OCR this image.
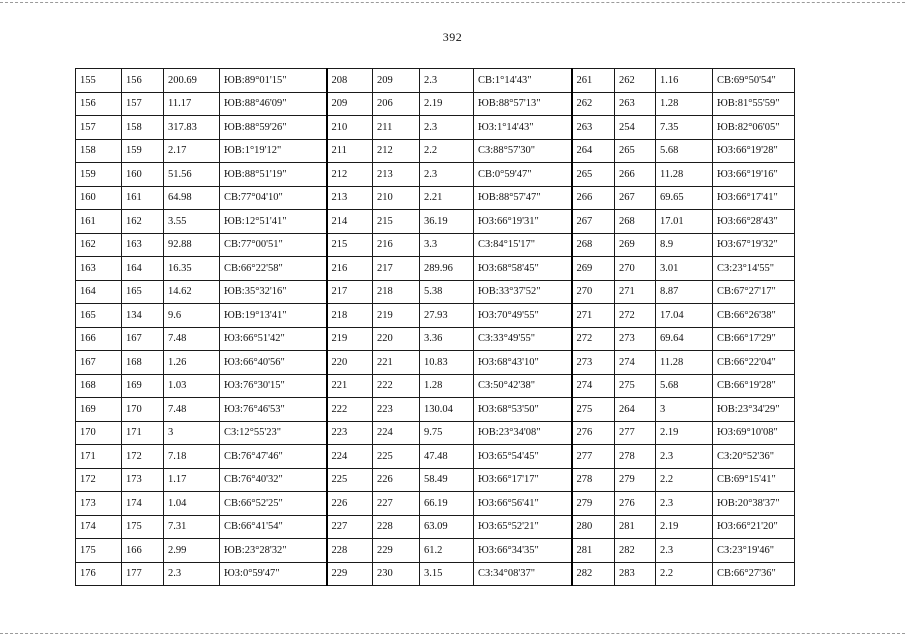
392
155	156	200.69	ЮВ:89°01'15"	208	209	2.3	СВ:1°14'43"	261	262	1.16	СВ:69°50'54"
156	157	11.17	ЮВ:88°46'09"	209	206	2.19	ЮВ:88°57'13"	262	263	1.28	ЮВ:81°55'59"
157	158	317.83	ЮВ:88°59'26"	210	211	2.3	ЮЗ:1°14'43"	263	254	7.35	ЮВ:82°06'05"
158	159	2.17	ЮВ:1°19'12"	211	212	2.2	СЗ:88°57'30"	264	265	5.68	ЮЗ:66°19'28"
159	160	51.56	ЮВ:88°51'19"	212	213	2.3	СВ:0°59'47"	265	266	11.28	ЮЗ:66°19'16"
160	161	64.98	СВ:77°04'10"	213	210	2.21	ЮВ:88°57'47"	266	267	69.65	ЮЗ:66°17'41"
161	162	3.55	ЮВ:12°51'41"	214	215	36.19	ЮЗ:66°19'31"	267	268	17.01	ЮЗ:66°28'43"
162	163	92.88	СВ:77°00'51"	215	216	3.3	СЗ:84°15'17"	268	269	8.9	ЮЗ:67°19'32"
163	164	16.35	СВ:66°22'58"	216	217	289.96	ЮЗ:68°58'45"	269	270	3.01	СЗ:23°14'55"
164	165	14.62	ЮВ:35°32'16"	217	218	5.38	ЮВ:33°37'52"	270	271	8.87	СВ:67°27'17"
165	134	9.6	ЮВ:19°13'41"	218	219	27.93	ЮЗ:70°49'55"	271	272	17.04	СВ:66°26'38"
166	167	7.48	ЮЗ:66°51'42"	219	220	3.36	СЗ:33°49'55"	272	273	69.64	СВ:66°17'29"
167	168	1.26	ЮЗ:66°40'56"	220	221	10.83	ЮЗ:68°43'10"	273	274	11.28	СВ:66°22'04"
168	169	1.03	ЮЗ:76°30'15"	221	222	1.28	СЗ:50°42'38"	274	275	5.68	СВ:66°19'28"
169	170	7.48	ЮЗ:76°46'53"	222	223	130.04	ЮЗ:68°53'50"	275	264	3	ЮВ:23°34'29"
170	171	3	СЗ:12°55'23"	223	224	9.75	ЮВ:23°34'08"	276	277	2.19	ЮЗ:69°10'08"
171	172	7.18	СВ:76°47'46"	224	225	47.48	ЮЗ:65°54'45"	277	278	2.3	СЗ:20°52'36"
172	173	1.17	СВ:76°40'32"	225	226	58.49	ЮЗ:66°17'17"	278	279	2.2	СВ:69°15'41"
173	174	1.04	СВ:66°52'25"	226	227	66.19	ЮЗ:66°56'41"	279	276	2.3	ЮВ:20°38'37"
174	175	7.31	СВ:66°41'54"	227	228	63.09	ЮЗ:65°52'21"	280	281	2.19	ЮЗ:66°21'20"
175	166	2.99	ЮВ:23°28'32"	228	229	61.2	ЮЗ:66°34'35"	281	282	2.3	СЗ:23°19'46"
176	177	2.3	ЮЗ:0°59'47"	229	230	3.15	СЗ:34°08'37"	282	283	2.2	СВ:66°27'36"
